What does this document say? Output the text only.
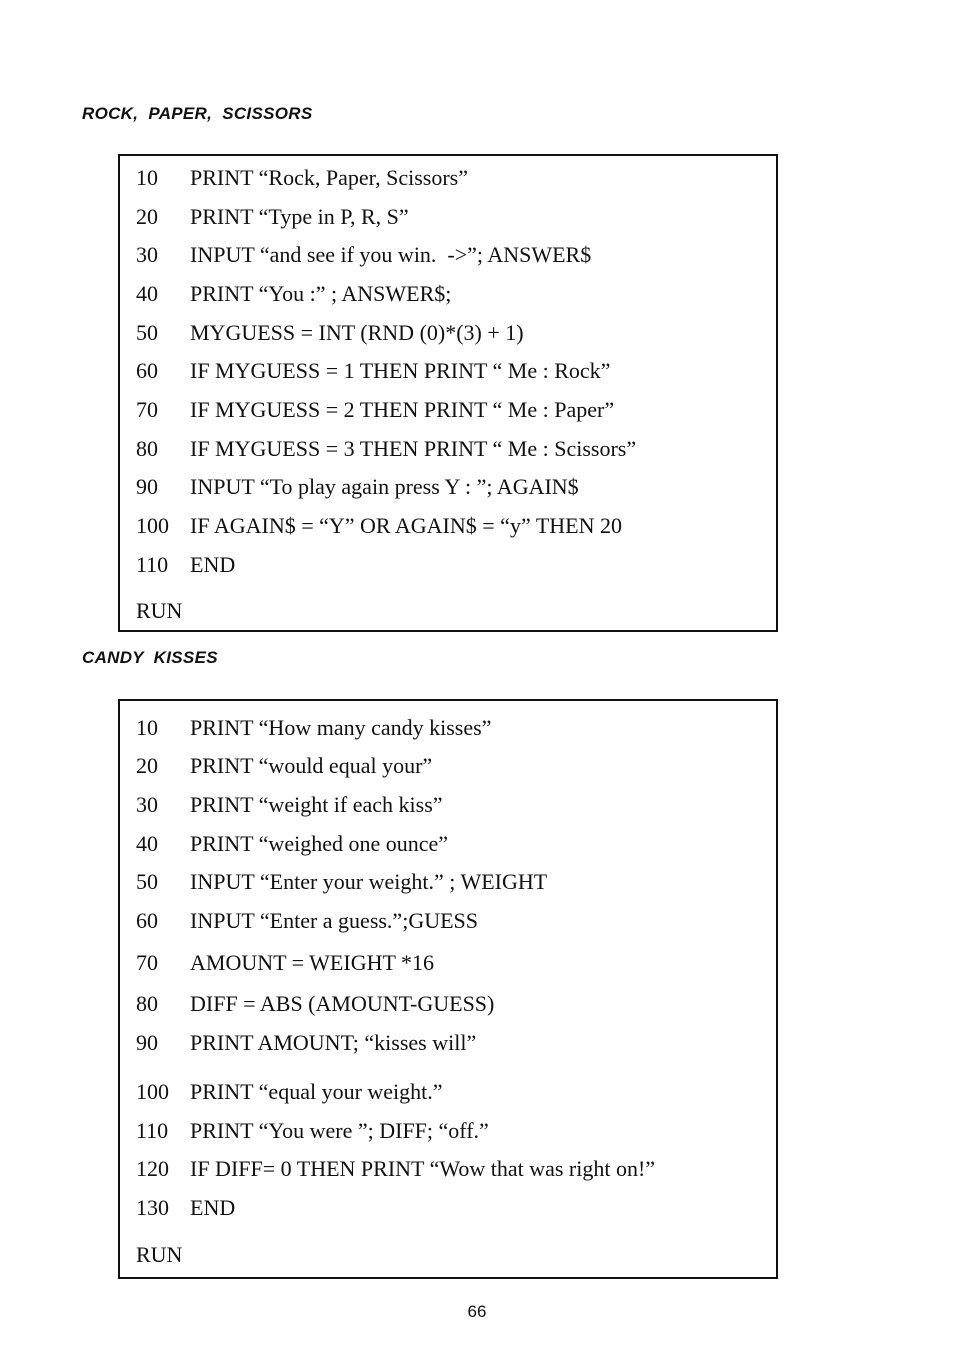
ROCK,  PAPER,  SCISSORS
10 PRINT “Rock, Paper, Scissors”
20 PRINT “Type in P, R, S”
30 INPUT “and see if you win.  ->”; ANSWER$
40 PRINT “You :” ; ANSWER$;
50 MYGUESS = INT (RND (0)*(3) + 1)
60 IF MYGUESS = 1 THEN PRINT “ Me : Rock”
70 IF MYGUESS = 2 THEN PRINT “ Me : Paper”
80 IF MYGUESS = 3 THEN PRINT “ Me : Scissors”
90 INPUT “To play again press Y : ”; AGAIN$
100 IF AGAIN$ = “Y” OR AGAIN$ = “y” THEN 20
110 END
RUN
CANDY  KISSES
10 PRINT “How many candy kisses”
20 PRINT “would equal your”
30 PRINT “weight if each kiss”
40 PRINT “weighed one ounce”
50 INPUT “Enter your weight.” ; WEIGHT
60 INPUT “Enter a guess.”;GUESS
70 AMOUNT = WEIGHT *16
80 DIFF = ABS (AMOUNT-GUESS)
90 PRINT AMOUNT; “kisses will”
100 PRINT “equal your weight.”
110 PRINT “You were ”; DIFF; “off.”
120 IF DIFF= 0 THEN PRINT “Wow that was right on!”
130 END
RUN
66
